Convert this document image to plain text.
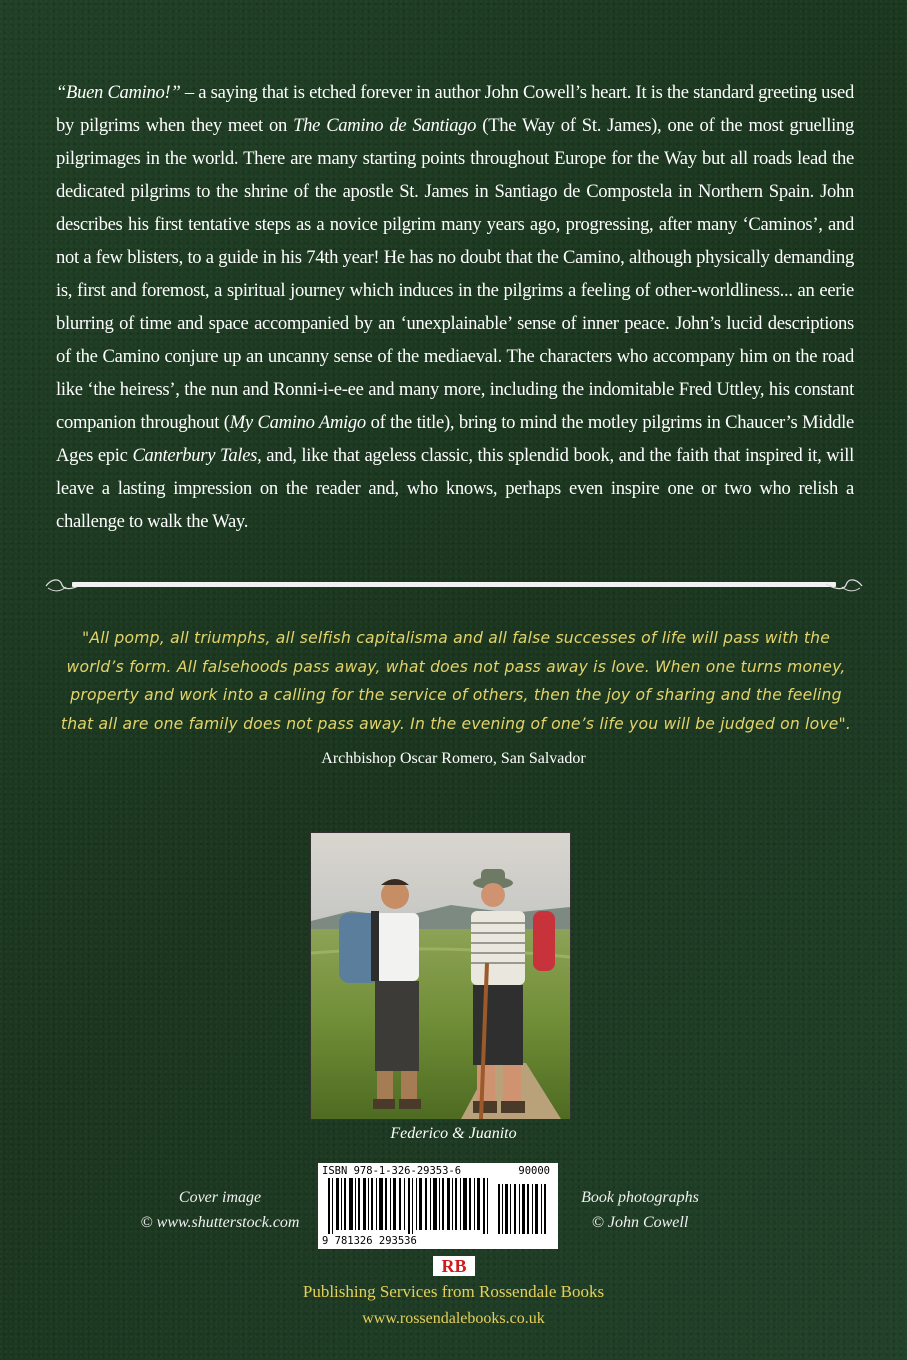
“Buen Camino!” – a saying that is etched forever in author John Cowell’s heart. It is the standard greeting used by pilgrims when they meet on The Camino de Santiago (The Way of St. James), one of the most gruelling pilgrimages in the world. There are many starting points throughout Europe for the Way but all roads lead the dedicated pilgrims to the shrine of the apostle St. James in Santiago de Compostela in Northern Spain. John describes his first tentative steps as a novice pilgrim many years ago, progressing, after many ‘Caminos’, and not a few blisters, to a guide in his 74th year! He has no doubt that the Camino, although physically demanding is, first and foremost, a spiritual journey which induces in the pilgrims a feeling of other-worldliness... an eerie blurring of time and space accompanied by an ‘unexplainable’ sense of inner peace. John’s lucid descriptions of the Camino conjure up an uncanny sense of the mediaeval. The characters who accompany him on the road like ‘the heiress’, the nun and Ronni-i-e-ee and many more, including the indomitable Fred Uttley, his constant companion throughout (My Camino Amigo of the title), bring to mind the motley pilgrims in Chaucer’s Middle Ages epic Canterbury Tales, and, like that ageless classic, this splendid book, and the faith that inspired it, will leave a lasting impression on the reader and, who knows, perhaps even inspire one or two who relish a challenge to walk the Way.
"All pomp, all triumphs, all selfish capitalisma and all false successes of life will pass with the world’s form. All falsehoods pass away, what does not pass away is love. When one turns money, property and work into a calling for the service of others, then the joy of sharing and the feeling that all are one family does not pass away. In the evening of one’s life you will be judged on love".
Archbishop Oscar Romero, San Salvador
Federico & Juanito
Cover image
© www.shutterstock.com
Book photographs
© John Cowell
ISBN 978-1-326-29353-6	90000
9 781326 293536
RB
Publishing Services from Rossendale Books
www.rossendalebooks.co.uk
